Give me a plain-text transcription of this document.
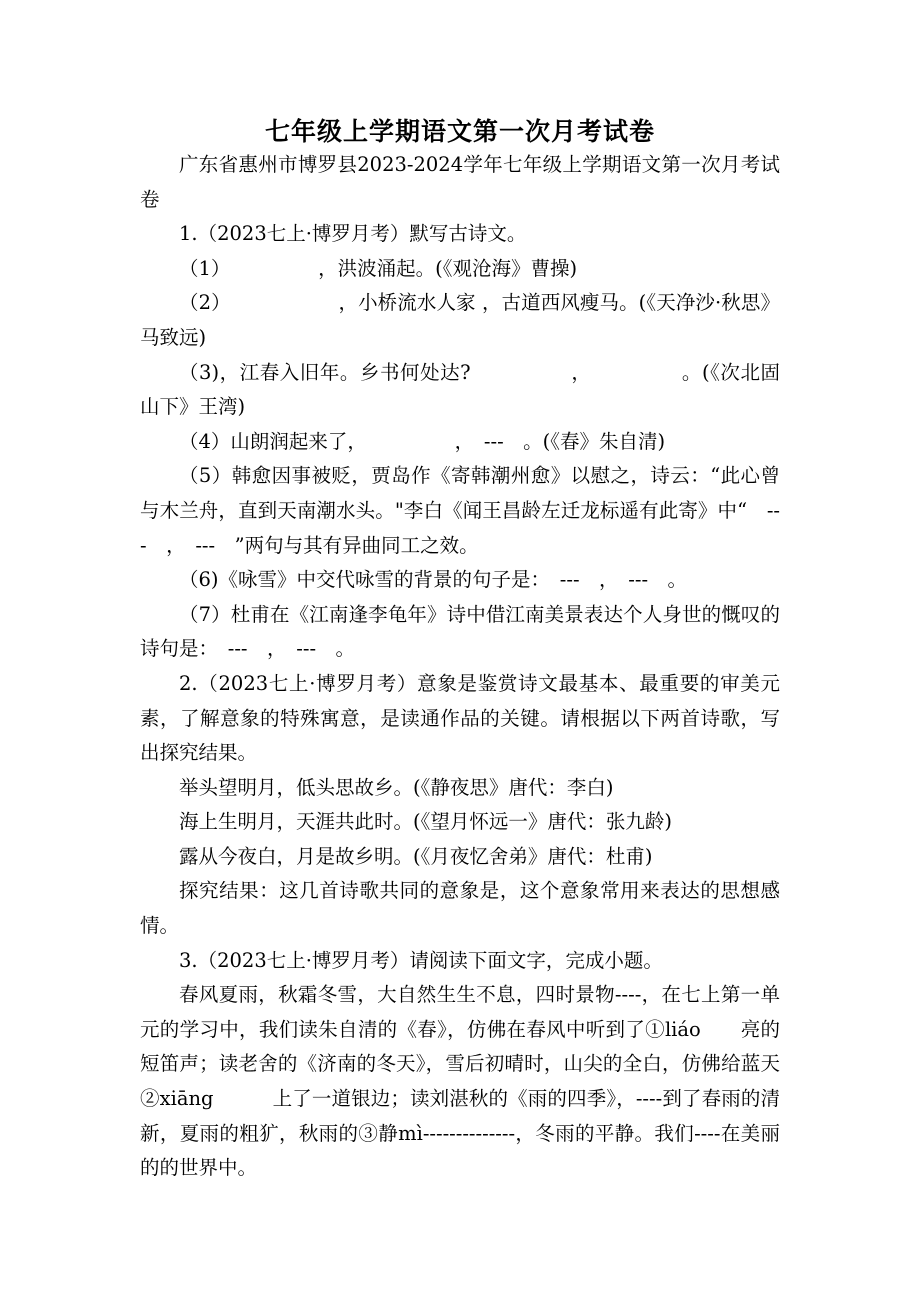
七年级上学期语文第一次月考试卷

广东省惠州市博罗县2023-2024学年七年级上学期语文第一次月考试卷

1.（2023七上·博罗月考）默写古诗文。

（1）　　　　　，洪波涌起。(《观沧海》曹操)

（2）　　　　　　，小桥流水人家 ，古道西风瘦马。(《天净沙·秋思》马致远)

（3)，江春入旧年。乡书何处达?　　　　　，　　　　　。(《次北固山下》王湾)

（4）山朗润起来了，　　　　　，　---　。(《春》朱自清)

（5）韩愈因事被贬，贾岛作《寄韩潮州愈》以慰之，诗云：“此心曾与木兰舟，直到天南潮水头。"李白《闻王昌龄左迁龙标遥有此寄》中“　---　，　---　”两句与其有异曲同工之效。

（6)《咏雪》中交代咏雪的背景的句子是：　---　，　---　。

（7）杜甫在《江南逢李龟年》诗中借江南美景表达个人身世的慨叹的诗句是：　---　，　---　。

2.（2023七上·博罗月考）意象是鉴赏诗文最基本、最重要的审美元素，了解意象的特殊寓意，是读通作品的关键。请根据以下两首诗歌，写出探究结果。

举头望明月，低头思故乡。(《静夜思》唐代：李白)

海上生明月，天涯共此时。(《望月怀远一》唐代：张九龄)

露从今夜白，月是故乡明。(《月夜忆舍弟》唐代：杜甫)

探究结果：这几首诗歌共同的意象是，这个意象常用来表达的思想感情。

3.（2023七上·博罗月考）请阅读下面文字，完成小题。

春风夏雨，秋霜冬雪，大自然生生不息，四时景物----，在七上第一单元的学习中，我们读朱自清的《春》，仿佛在春风中听到了①liáo　　亮的短笛声；读老舍的《济南的冬天》，雪后初晴时，山尖的全白，仿佛给蓝天②xiāng　　　上了一道银边；读刘湛秋的《雨的四季》，----到了春雨的清新，夏雨的粗犷，秋雨的③静mì--------------，冬雨的平静。我们----在美丽的的世界中。
